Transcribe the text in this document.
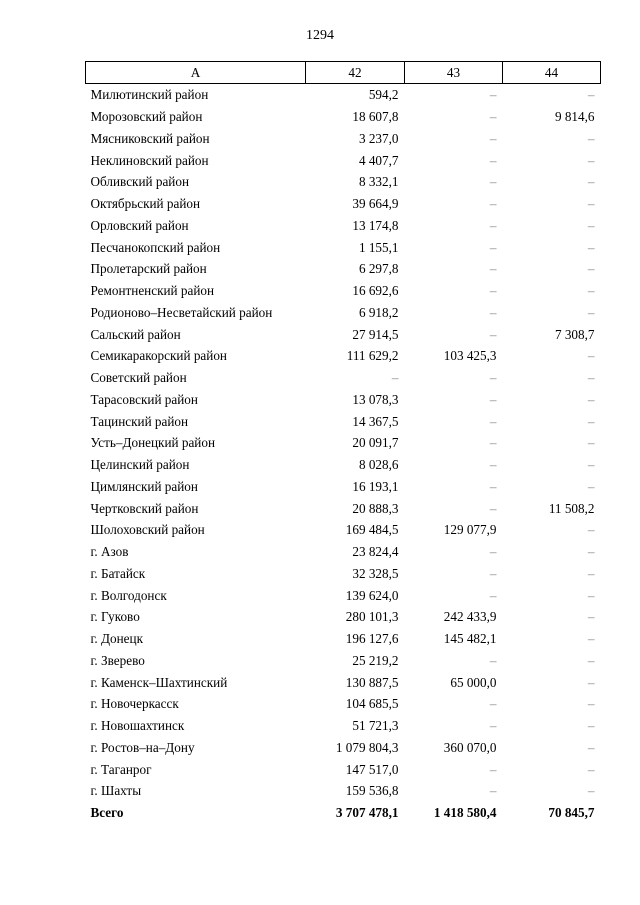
1294
А	42	43	44
Милютинский район	594,2	–	–
Морозовский район	18 607,8	–	9 814,6
Мясниковский район	3 237,0	–	–
Неклиновский район	4 407,7	–	–
Обливский район	8 332,1	–	–
Октябрьский район	39 664,9	–	–
Орловский район	13 174,8	–	–
Песчанокопский район	1 155,1	–	–
Пролетарский район	6 297,8	–	–
Ремонтненский район	16 692,6	–	–
Родионово–Несветайский район	6 918,2	–	–
Сальский район	27 914,5	–	7 308,7
Семикаракорский район	111 629,2	103 425,3	–
Советский район	–	–	–
Тарасовский район	13 078,3	–	–
Тацинский район	14 367,5	–	–
Усть–Донецкий район	20 091,7	–	–
Целинский район	8 028,6	–	–
Цимлянский район	16 193,1	–	–
Чертковский район	20 888,3	–	11 508,2
Шолоховский район	169 484,5	129 077,9	–
г. Азов	23 824,4	–	–
г. Батайск	32 328,5	–	–
г. Волгодонск	139 624,0	–	–
г. Гуково	280 101,3	242 433,9	–
г. Донецк	196 127,6	145 482,1	–
г. Зверево	25 219,2	–	–
г. Каменск–Шахтинский	130 887,5	65 000,0	–
г. Новочеркасск	104 685,5	–	–
г. Новошахтинск	51 721,3	–	–
г. Ростов–на–Дону	1 079 804,3	360 070,0	–
г. Таганрог	147 517,0	–	–
г. Шахты	159 536,8	–	–
Всего	3 707 478,1	1 418 580,4	70 845,7
